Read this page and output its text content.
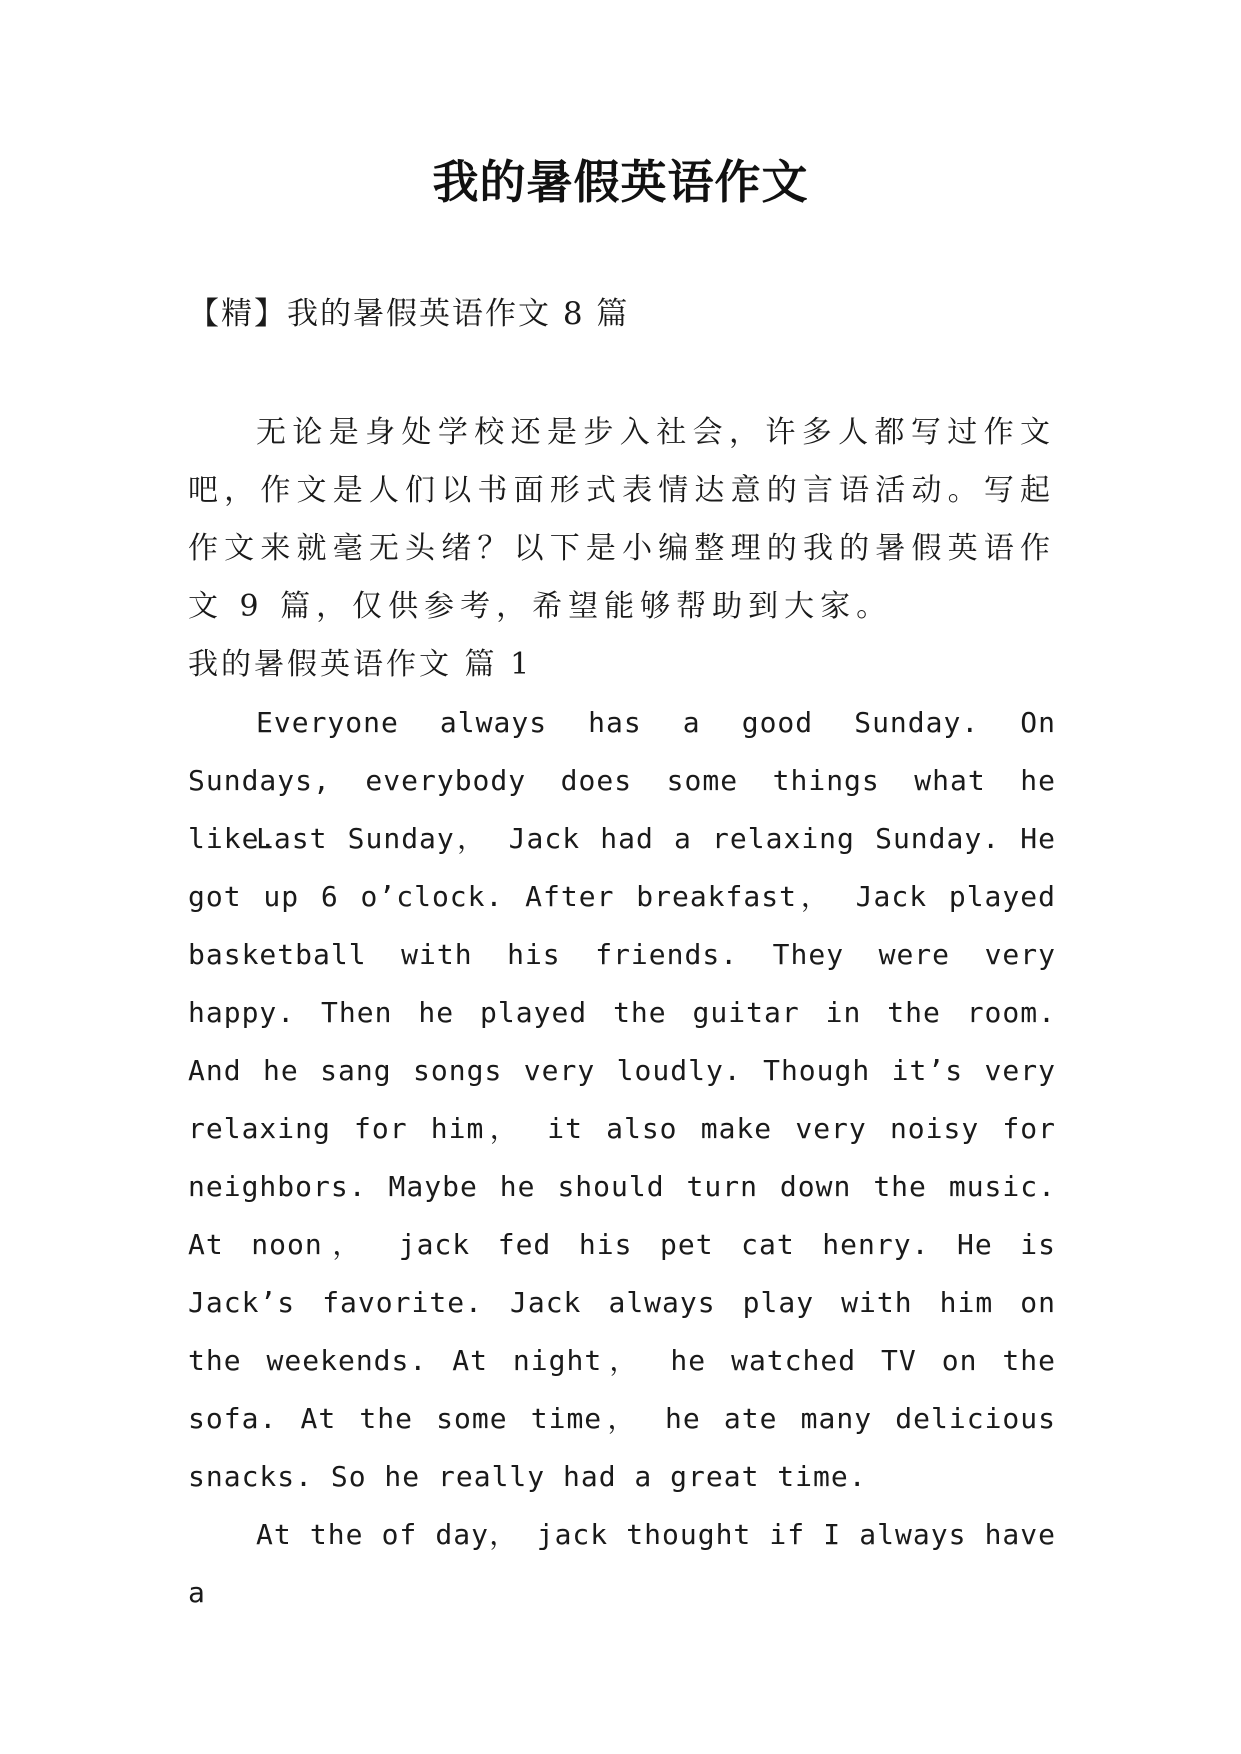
我的暑假英语作文
【精】我的暑假英语作文 8 篇

无论是身处学校还是步入社会，许多人都写过作文吧，作文是人们以书面形式表情达意的言语活动。写起作文来就毫无头绪？以下是小编整理的我的暑假英语作文 9 篇，仅供参考，希望能够帮助到大家。

我的暑假英语作文 篇 1

Everyone always has a good Sunday. On Sundays, everybody does some things what he like.

Last Sunday， Jack had a relaxing Sunday. He got up 6 o’clock. After breakfast， Jack played basketball with his friends. They were very happy. Then he played the guitar in the room. And he sang songs very loudly. Though it’s very relaxing for him， it also make very noisy for neighbors. Maybe he should turn down the music. At noon， jack fed his pet cat henry. He is Jack’s favorite. Jack always play with him on the weekends. At night， he watched TV on the sofa. At the some time， he ate many delicious snacks. So he really had a great time.

At the of day， jack thought if I always have a
